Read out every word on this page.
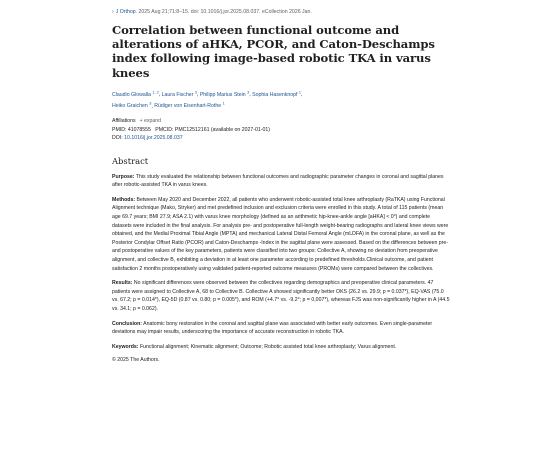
› J Orthop. 2025 Aug 21;71:8–15. doi: 10.1016/j.jor.2025.08.037. eCollection 2026 Jan.
Correlation between functional outcome and alterations of aHKA, PCOR, and Caton-Deschamps index following image-based robotic TKA in varus knees
Claudio Glowalla $^{1, 2}$, Laura Fischer $^3$, Philipp Marius Stein $^3$, Sophia Hasenknopf $^1$,
Heiko Graichen $^3$, Rüdiger von Eisenhart-Rothe $^1$
Affiliations + expand
PMID: 41078555   PMCID: PMC12512161 (available on 2027-01-01)
DOI: 10.1016/j.jor.2025.08.037
Abstract
Purpose: This study evaluated the relationship between functional outcomes and radiographic parameter changes in coronal and sagittal planes after robotic-assisted TKA in varus knees.
Methods: Between May 2020 and December 2022, all patients who underwent robotic-assisted total knee arthroplasty (RaTKA) using Functional Alignment technique (Mako, Stryker) and met predefined inclusion and exclusion criteria were enrolled in this study. A total of 115 patients (mean age 69.7 years; BMI 27.9; ASA 2.1) with varus knee morphology (defined as an arithmetic hip-knee-ankle angle [aHKA] < 0°) and complete datasets were included in the final analysis. For analysis pre- and postoperative full-length weight-bearing radiographs and lateral knee views were obtained, and the Medial Proximal Tibial Angle (MPTA) and mechanical Lateral Distal Femoral Angle (mLDFA) in the coronal plane, as well as the Posterior Condylar Offset Ratio (PCOR) and Caton-Deschamps -Index in the sagittal plane were assessed. Based on the differences between pre- and postoperative values of the key parameters, patients were classified into two groups: Collective A, showing no deviation from preoperative alignment, and collective B, exhibiting a deviation in at least one parameter according to predefined thresholds.Clinical outcome, and patient satisfaction 2 months postoperatively using validated patient-reported outcome measures (PROMs) were compared between the collectives.
Results: No significant differences were observed between the collectives regarding demographics and preoperative clinical parameters. 47 patients were assigned to Collective A, 68 to Collective B. Collective A showed significantly better OKS (26.2 vs. 29.9; p = 0.037*), EQ-VAS (75.0 vs. 67.2; p = 0.014*), EQ-5D (0.87 vs. 0.80; p = 0.005*), and ROM (+4.7° vs. -9.2°; p = 0,007*), whereas FJS was non-significantly higher in A (44.5 vs. 34.1; p = 0.062).
Conclusion: Anatomic bony restoration in the coronal and sagittal plane was associated with better early outcomes. Even single-parameter deviations may impair results, underscoring the importance of accurate reconstruction in robotic TKA.
Keywords: Functional alignment; Kinematic alignment; Outcome; Robotic assisted total knee arthroplasty; Varus alignment.
© 2025 The Authors.
